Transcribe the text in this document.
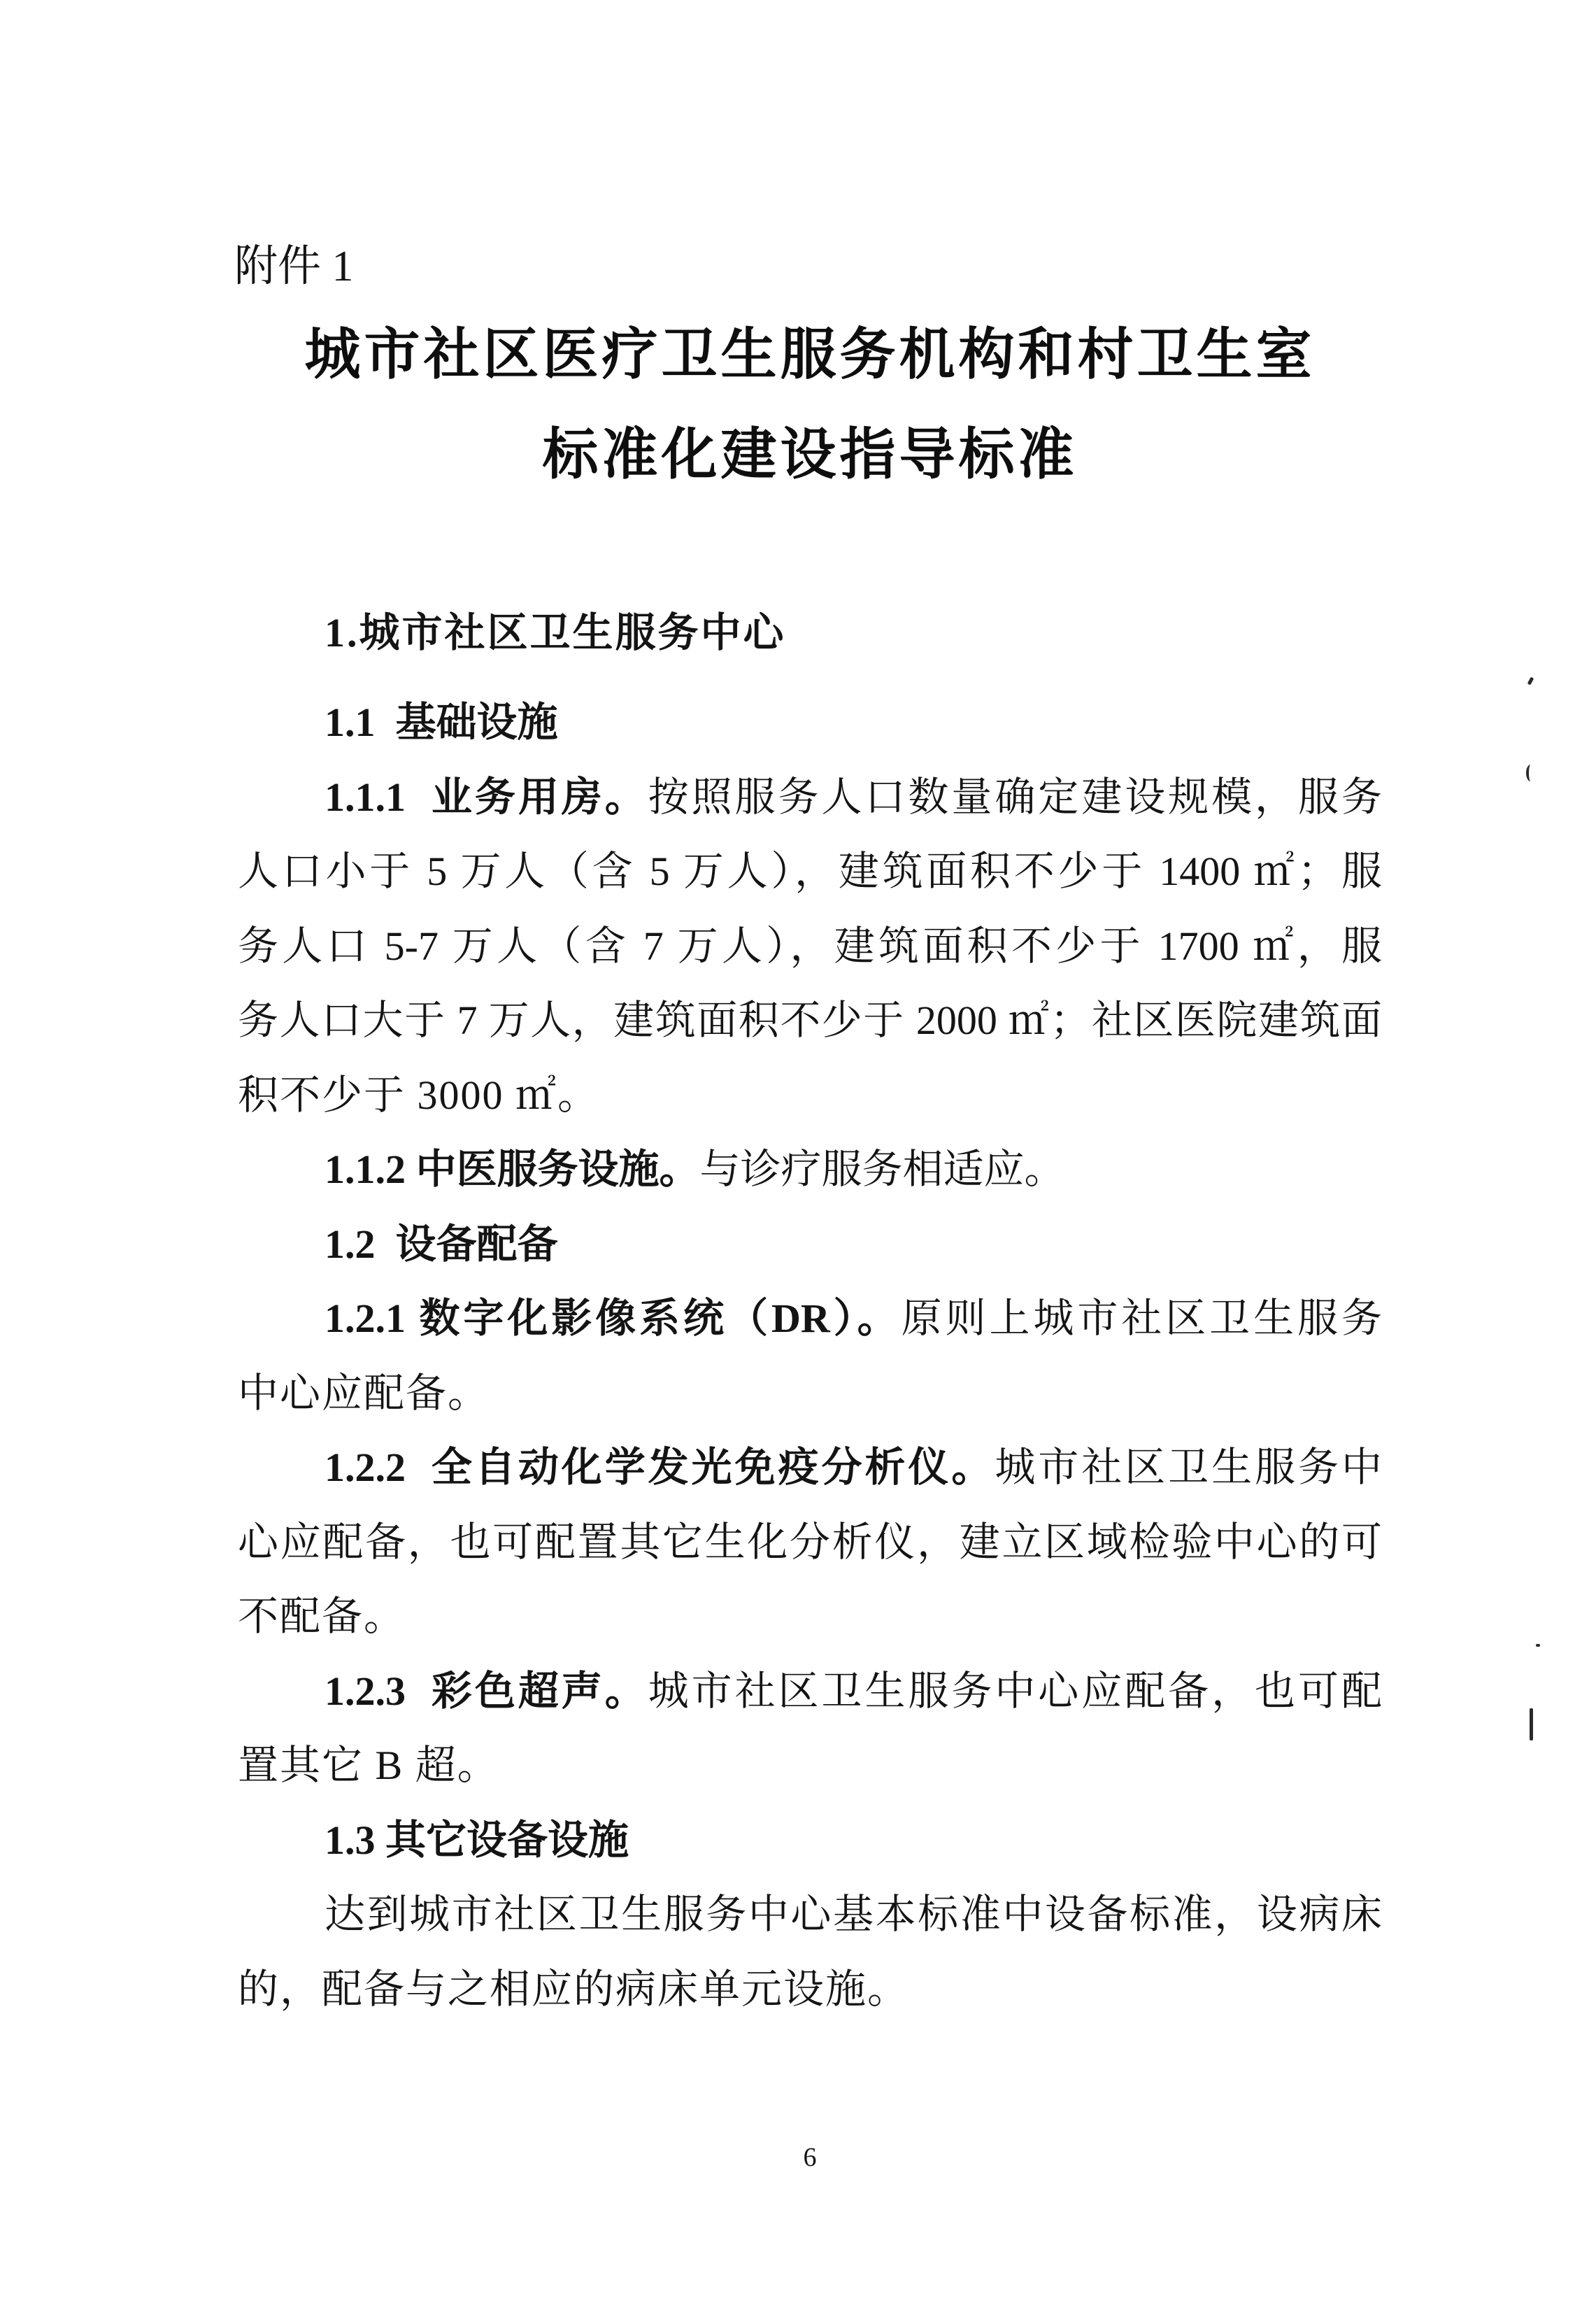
附件 1
城市社区医疗卫生服务机构和村卫生室
标准化建设指导标准
1.城市社区卫生服务中心
1.1  基础设施
1.1.1  业务用房。按照服务人口数量确定建设规模，服务
人口小于 5 万人（含 5 万人），建筑面积不少于 1400 ㎡；服
务人口 5-7 万人（含 7 万人），建筑面积不少于 1700 ㎡，服
务人口大于 7 万人，建筑面积不少于 2000 ㎡；社区医院建筑面
积不少于 3000 ㎡。
1.1.2 中医服务设施。与诊疗服务相适应。
1.2  设备配备
1.2.1 数字化影像系统（DR）。原则上城市社区卫生服务
中心应配备。
1.2.2  全自动化学发光免疫分析仪。城市社区卫生服务中
心应配备，也可配置其它生化分析仪，建立区域检验中心的可
不配备。
1.2.3  彩色超声。城市社区卫生服务中心应配备，也可配
置其它 B 超。
1.3 其它设备设施
达到城市社区卫生服务中心基本标准中设备标准，设病床
的，配备与之相应的病床单元设施。
6
